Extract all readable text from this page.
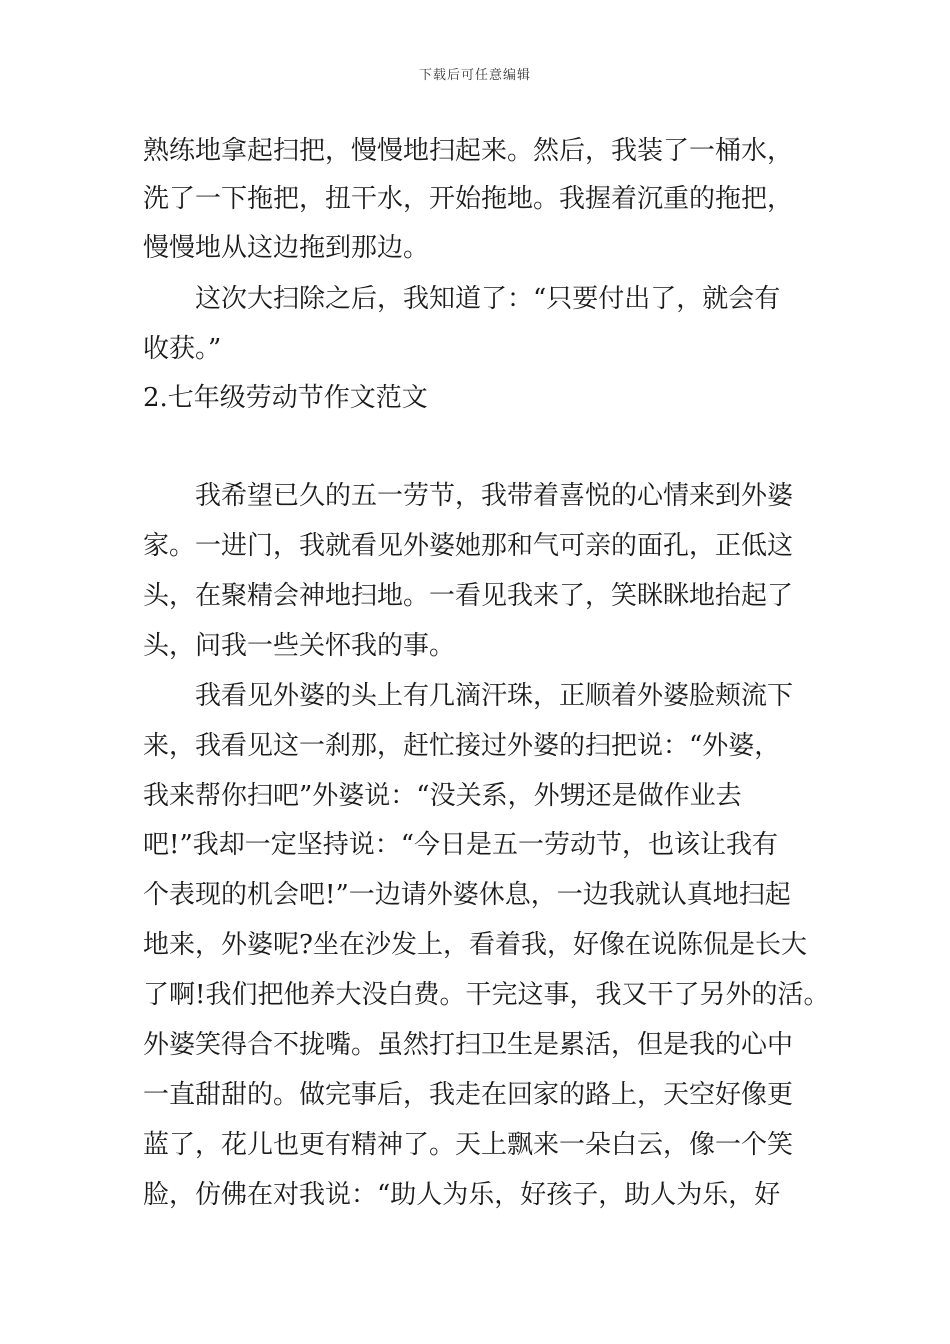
下载后可任意编辑
熟练地拿起扫把，慢慢地扫起来。然后，我装了一桶水，
洗了一下拖把，扭干水，开始拖地。我握着沉重的拖把，
慢慢地从这边拖到那边。
这次大扫除之后，我知道了：“只要付出了，就会有
收获。”
2.七年级劳动节作文范文
我希望已久的五一劳节，我带着喜悦的心情来到外婆
家。一进门，我就看见外婆她那和气可亲的面孔，正低这
头，在聚精会神地扫地。一看见我来了，笑眯眯地抬起了
头，问我一些关怀我的事。
我看见外婆的头上有几滴汗珠，正顺着外婆脸颊流下
来，我看见这一刹那，赶忙接过外婆的扫把说：“外婆，
我来帮你扫吧”外婆说：“没关系，外甥还是做作业去
吧!”我却一定坚持说：“今日是五一劳动节，也该让我有
个表现的机会吧!”一边请外婆休息，一边我就认真地扫起
地来，外婆呢?坐在沙发上，看着我，好像在说陈侃是长大
了啊!我们把他养大没白费。干完这事，我又干了另外的活。
外婆笑得合不拢嘴。虽然打扫卫生是累活，但是我的心中
一直甜甜的。做完事后，我走在回家的路上，天空好像更
蓝了，花儿也更有精神了。天上飘来一朵白云，像一个笑
脸，仿佛在对我说：“助人为乐，好孩子，助人为乐，好
